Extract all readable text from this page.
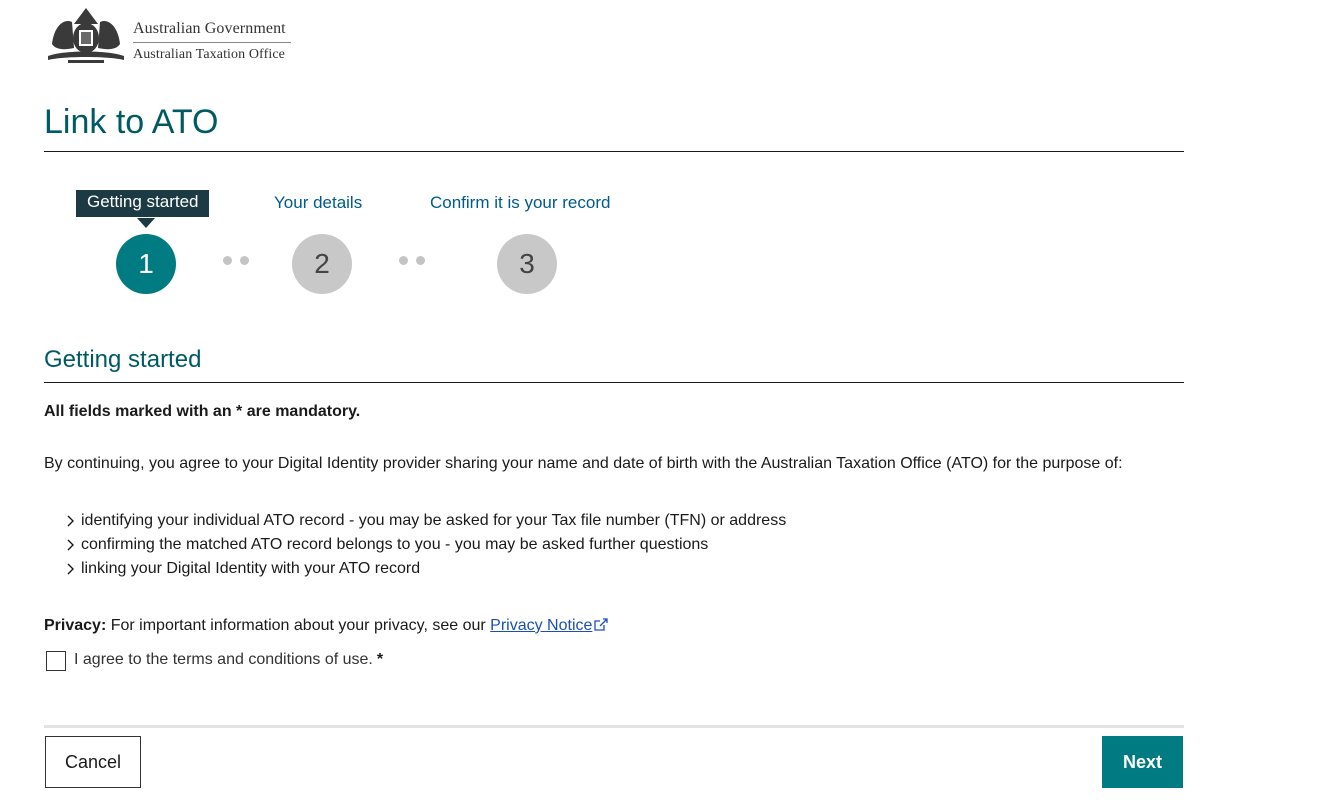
Australian Government
Australian Taxation Office
Link to ATO
Getting started	Your details	Confirm it is your record
1	2	3
Getting started
All fields marked with an * are mandatory.

By continuing, you agree to your Digital Identity provider sharing your name and date of birth with the Australian Taxation Office (ATO) for the purpose of:

identifying your individual ATO record - you may be asked for your Tax file number (TFN) or address
confirming the matched ATO record belongs to you - you may be asked further questions
linking your Digital Identity with your ATO record
Privacy: For important information about your privacy, see our Privacy Notice
I agree to the terms and conditions of use. *
Cancel	Next
